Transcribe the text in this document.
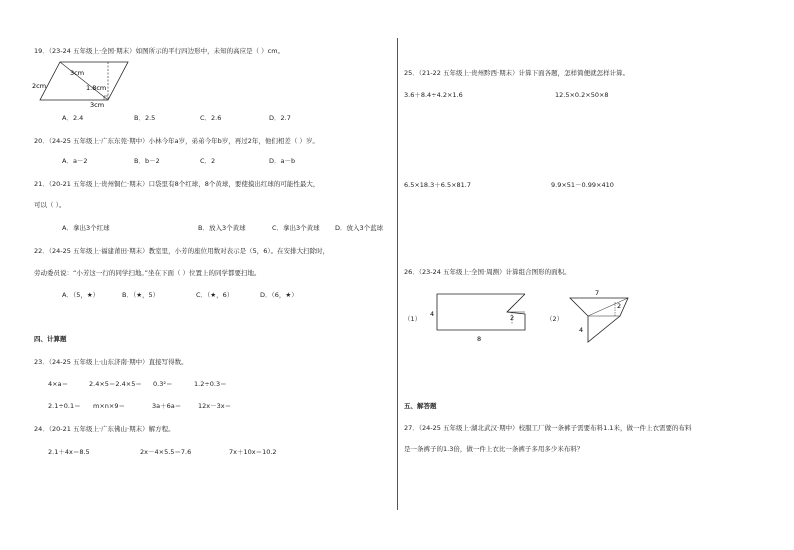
19．（23-24 五年级上·全国·期末）如图所示的平行四边形中，未知的高应是（ ）cm。
3cm
2cm	1.8cm
3cm
A．2.4	B．2.5	C．2.6	D．2.7
20．（24-25 五年级上·广东东莞·期中）小林今年a岁，弟弟今年b岁，再过2年，他们相差（ ）岁。
A．a－2	B．b－2	C．2	D．a－b
21．（20-21 五年级上·贵州铜仁·期末）口袋里有8个红球，8个黄球，要使摸出红球的可能性最大，
可以（ ）。
A．拿出3个红球	B．放入3个黄球	C．拿出3个黄球 D．放入3个蓝球
22．（24-25 五年级上·福建莆田·期末）教室里，小芳的座位用数对表示是（5，6）。在安排大扫除时，
劳动委员说：“小芳这一行的同学扫地。”坐在下面（ ）位置上的同学都要扫地。
A．（5，★）	B．（★，5）	C．（★，6）	D．（6，★）
四、计算题
23．（24-25 五年级上·山东济南·期中）直接写得数。
4×a＝	2.4×5＝2.4×5＝ 0.3²＝	1.2÷0.3＝
2.1÷0.1＝ m×n×9＝	3a＋6a＝	12x－3x＝
24．（20-21 五年级上·广东佛山·期末）解方程。
2.1＋4x＝8.5	2x－4×5.5＝7.6	7x＋10x＝10.2
25．（21-22 五年级上·贵州黔西·期末）计算下面各题，怎样简便就怎样计算。
3.6＋8.4÷4.2×1.6	12.5×0.2×50×8
6.5×18.3＋6.5×81.7	9.9×51－0.99×410
26．（23-24 五年级上·全国·周测）计算组合图形的面积。
（1）
4	2
8
（2）
7
2
4
五、解答题
27．（24-25 五年级上·湖北武汉·期中）校服工厂做一条裤子需要布料1.1米，做一件上衣需要的布料
是一条裤子的1.3倍，做一件上衣比一条裤子多用多少米布料？
